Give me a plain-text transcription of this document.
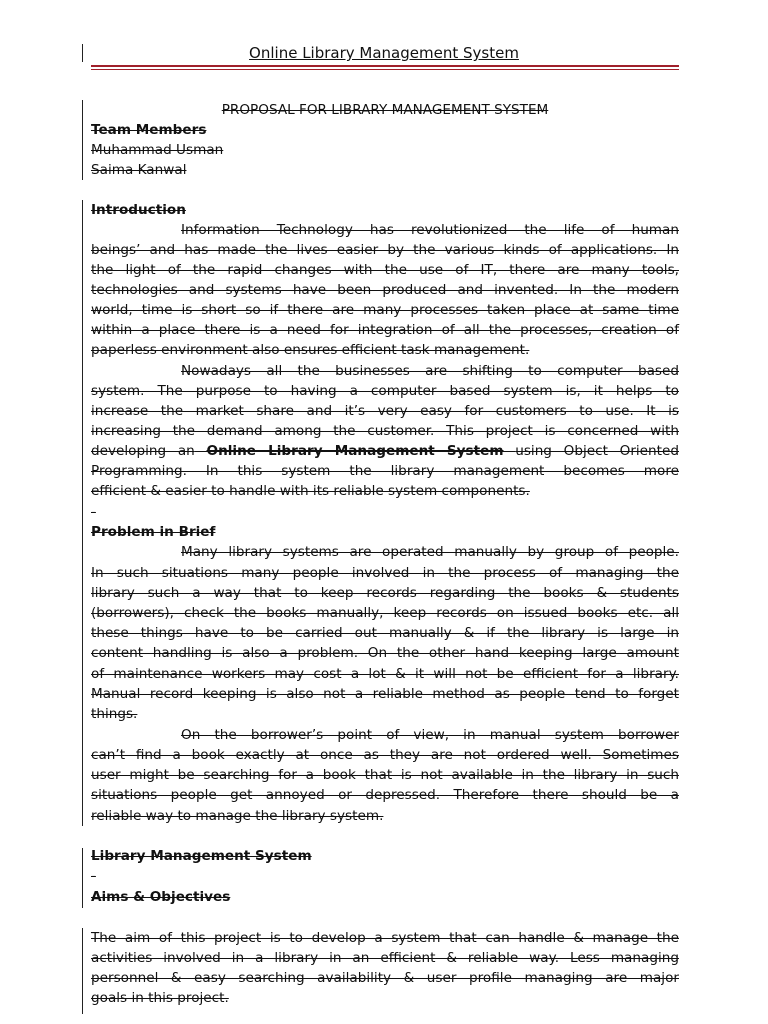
Online Library Management System
PROPOSAL FOR LIBRARY MANAGEMENT SYSTEM
Team Members
Muhammad Usman
Saima Kanwal
Introduction
Information Technology has revolutionized the life of human
beings’ and has made the lives easier by the various kinds of applications. In
the light of the rapid changes with the use of IT, there are many tools,
technologies and systems have been produced and invented. In the modern
world, time is short so if there are many processes taken place at same time
within a place there is a need for integration of all the processes, creation of
paperless environment also ensures efficient task management.
Nowadays all the businesses are shifting to computer based
system. The purpose to having a computer based system is, it helps to
increase the market share and it’s very easy for customers to use. It is
increasing the demand among the customer. This project is concerned with
developing an Online Library Management System using Object Oriented
Programming. In this system the library management becomes more
efficient & easier to handle with its reliable system components.
-
Problem in Brief
Many library systems are operated manually by group of people.
In such situations many people involved in the process of managing the
library such a way that to keep records regarding the books & students
(borrowers), check the books manually, keep records on issued books etc. all
these things have to be carried out manually & if the library is large in
content handling is also a problem. On the other hand keeping large amount
of maintenance workers may cost a lot & it will not be efficient for a library.
Manual record keeping is also not a reliable method as people tend to forget
things.
On the borrower’s point of view, in manual system borrower
can’t find a book exactly at once as they are not ordered well. Sometimes
user might be searching for a book that is not available in the library in such
situations people get annoyed or depressed. Therefore there should be a
reliable way to manage the library system.
Library Management System
-
Aims & Objectives
The aim of this project is to develop a system that can handle & manage the
activities involved in a library in an efficient & reliable way. Less managing
personnel & easy searching availability & user profile managing are major
goals in this project.
